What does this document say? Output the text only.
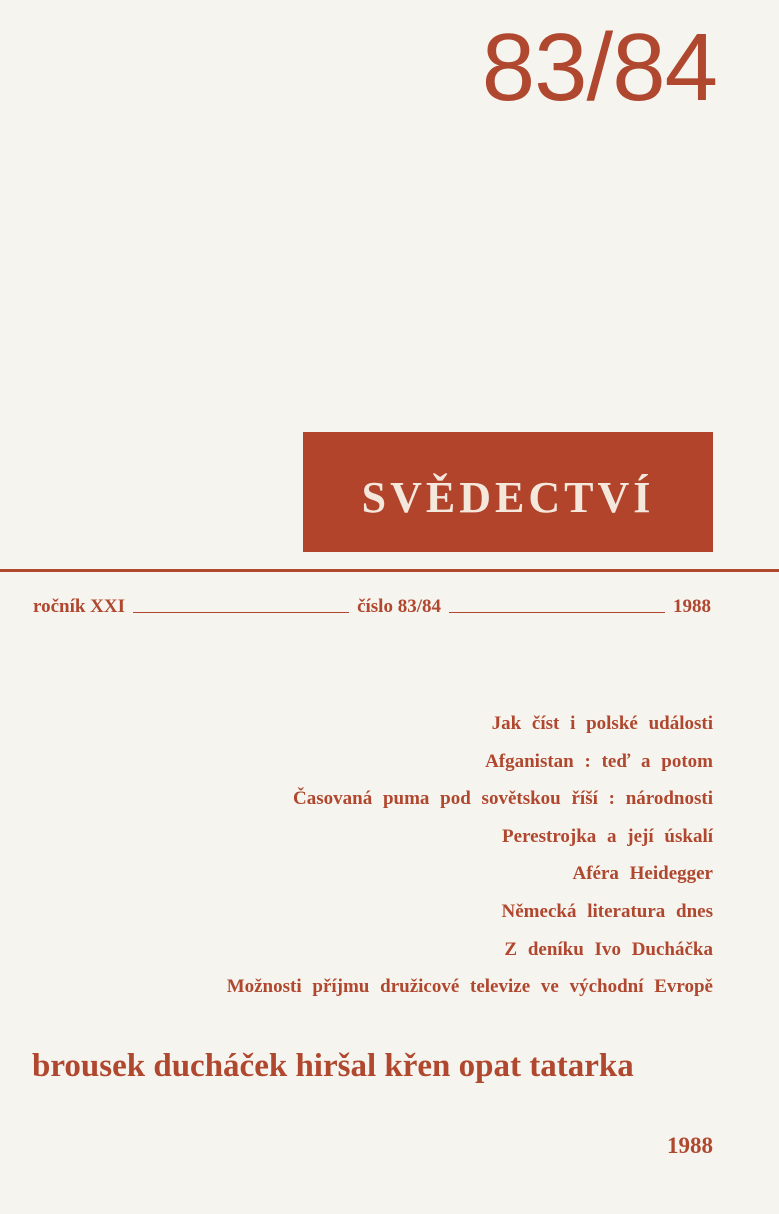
83/84
SVĚDECTVÍ
ročník XXI	číslo 83/84	1988
Jak číst i polské události
Afganistan : teď a potom
Časovaná puma pod sovětskou říší : národnosti
Perestrojka a její úskalí
Aféra Heidegger
Německá literatura dnes
Z deníku Ivo Ducháčka
Možnosti příjmu družicové televize ve východní Evropě
brousek ducháček hiršal křen opat tatarka
1988
